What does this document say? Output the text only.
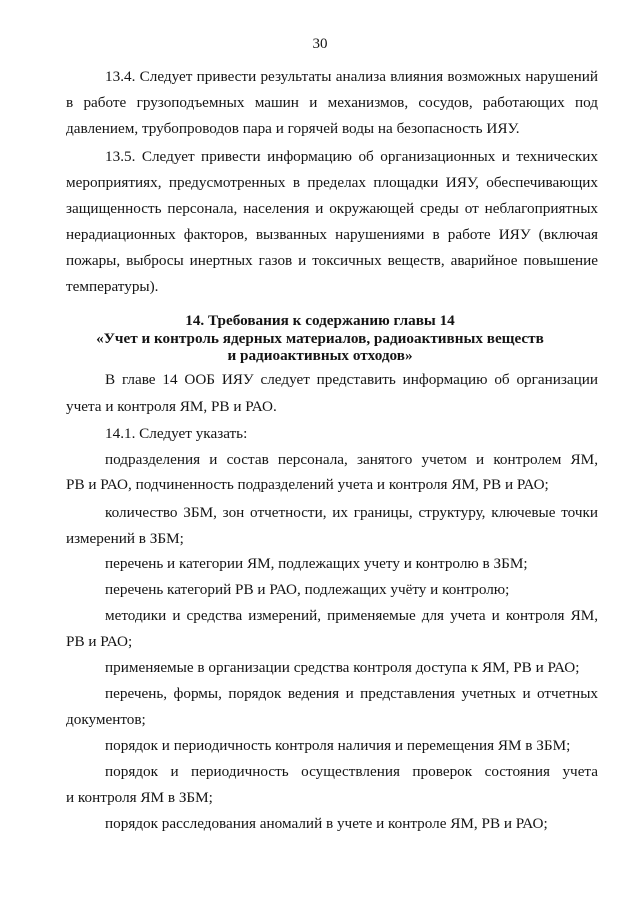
30
13.4. Следует привести результаты анализа влияния возможных нарушений
в работе грузоподъемных машин и механизмов, сосудов, работающих под
давлением, трубопроводов пара и горячей воды на безопасность ИЯУ.
13.5. Следует привести информацию об организационных и технических
мероприятиях, предусмотренных в пределах площадки ИЯУ, обеспечивающих
защищенность персонала, населения и окружающей среды от неблагоприятных
нерадиационных факторов, вызванных нарушениями в работе ИЯУ (включая
пожары, выбросы инертных газов и токсичных веществ, аварийное повышение
температуры).
14. Требования к содержанию главы 14
«Учет и контроль ядерных материалов, радиоактивных веществ
и радиоактивных отходов»
В главе 14 ООБ ИЯУ следует представить информацию об организации
учета и контроля ЯМ, РВ и РАО.
14.1. Следует указать:
подразделения и состав персонала, занятого учетом и контролем ЯМ,
РВ и РАО, подчиненность подразделений учета и контроля ЯМ, РВ и РАО;
количество ЗБМ, зон отчетности, их границы, структуру, ключевые точки
измерений в ЗБМ;
перечень и категории ЯМ, подлежащих учету и контролю в ЗБМ;
перечень категорий РВ и РАО, подлежащих учёту и контролю;
методики и средства измерений, применяемые для учета и контроля ЯМ,
РВ и РАО;
применяемые в организации средства контроля доступа к ЯМ, РВ и РАО;
перечень, формы, порядок ведения и представления учетных и отчетных
документов;
порядок и периодичность контроля наличия и перемещения ЯМ в ЗБМ;
порядок и периодичность осуществления проверок состояния учета
и контроля ЯМ в ЗБМ;
порядок расследования аномалий в учете и контроле ЯМ, РВ и РАО;
